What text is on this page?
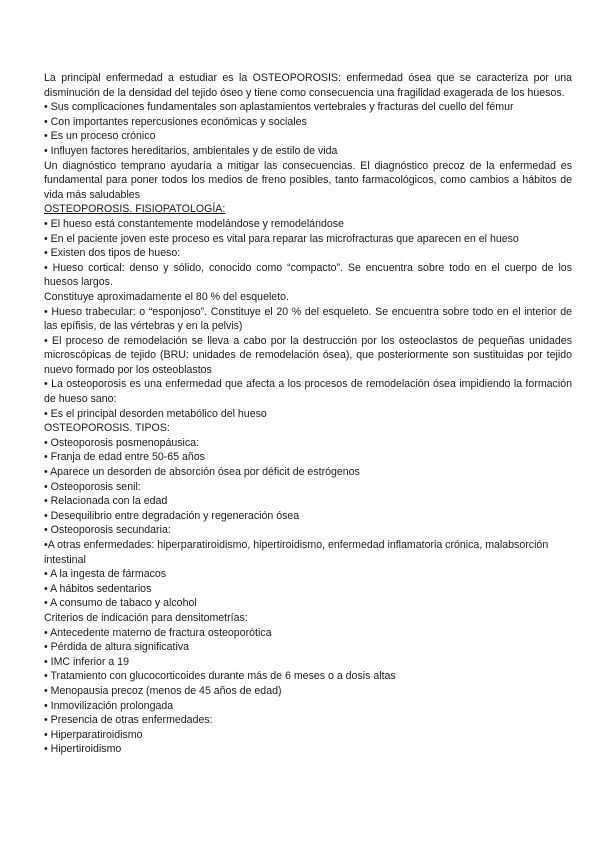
La principal enfermedad a estudiar es la OSTEOPOROSIS: enfermedad ósea que se caracteriza por una disminución de la densidad del tejido óseo y tiene como consecuencia una fragilidad exagerada de los huesos.

• Sus complicaciones fundamentales son aplastamientos vertebrales y fracturas del cuello del fémur

• Con importantes repercusiones económicas y sociales

• Es un proceso crónico

• Influyen factores hereditarios, ambientales y de estilo de vida

Un diagnóstico temprano ayudaría a mitigar las consecuencias. El diagnóstico precoz de la enfermedad es fundamental para poner todos los medios de freno posibles, tanto farmacológicos, como cambios a hábitos de vida más saludables

OSTEOPOROSIS. FISIOPATOLOGÍA:

• El hueso está constantemente modelándose y remodelándose

• En el paciente joven este proceso es vital para reparar las microfracturas que aparecen en el hueso

• Existen dos tipos de hueso:

• Hueso cortical: denso y sólido, conocido como “compacto”. Se encuentra sobre todo en el cuerpo de los huesos largos.

Constituye aproximadamente el 80 % del esqueleto.

• Hueso trabecular: o “esponjoso”. Constituye el 20 % del esqueleto. Se encuentra sobre todo en el interior de las epífisis, de las vértebras y en la pelvis)

• El proceso de remodelación se lleva a cabo por la destrucción por los osteoclastos de pequeñas unidades microscópicas de tejido (BRU: unidades de remodelación ósea), que posteriormente son sustituidas por tejido nuevo formado por los osteoblastos

• La osteoporosis es una enfermedad que afecta a los procesos de remodelación ósea impidiendo la formación de hueso sano:

• Es el principal desorden metabólico del hueso

OSTEOPOROSIS. TIPOS:

• Osteoporosis posmenopáusica:

• Franja de edad entre 50-65 años

• Aparece un desorden de absorción ósea por déficit de estrógenos

• Osteoporosis senil:

• Relacionada con la edad

• Desequilibrio entre degradación y regeneración ósea

• Osteoporosis secundaria:

•A otras enfermedades: hiperparatiroidismo, hipertiroidismo, enfermedad inflamatoria crónica, malabsorción intestinal

• A la ingesta de fármacos

• A hábitos sedentarios

• A consumo de tabaco y alcohol

Criterios de indicación para densitometrías:

• Antecedente materno de fractura osteoporótica

• Pérdida de altura significativa

• IMC inferior a 19

• Tratamiento con glucocorticoides durante más de 6 meses o a dosis altas

• Menopausia precoz (menos de 45 años de edad)

• Inmovilización prolongada

• Presencia de otras enfermedades:

• Hiperparatiroidismo

• Hipertiroidismo
